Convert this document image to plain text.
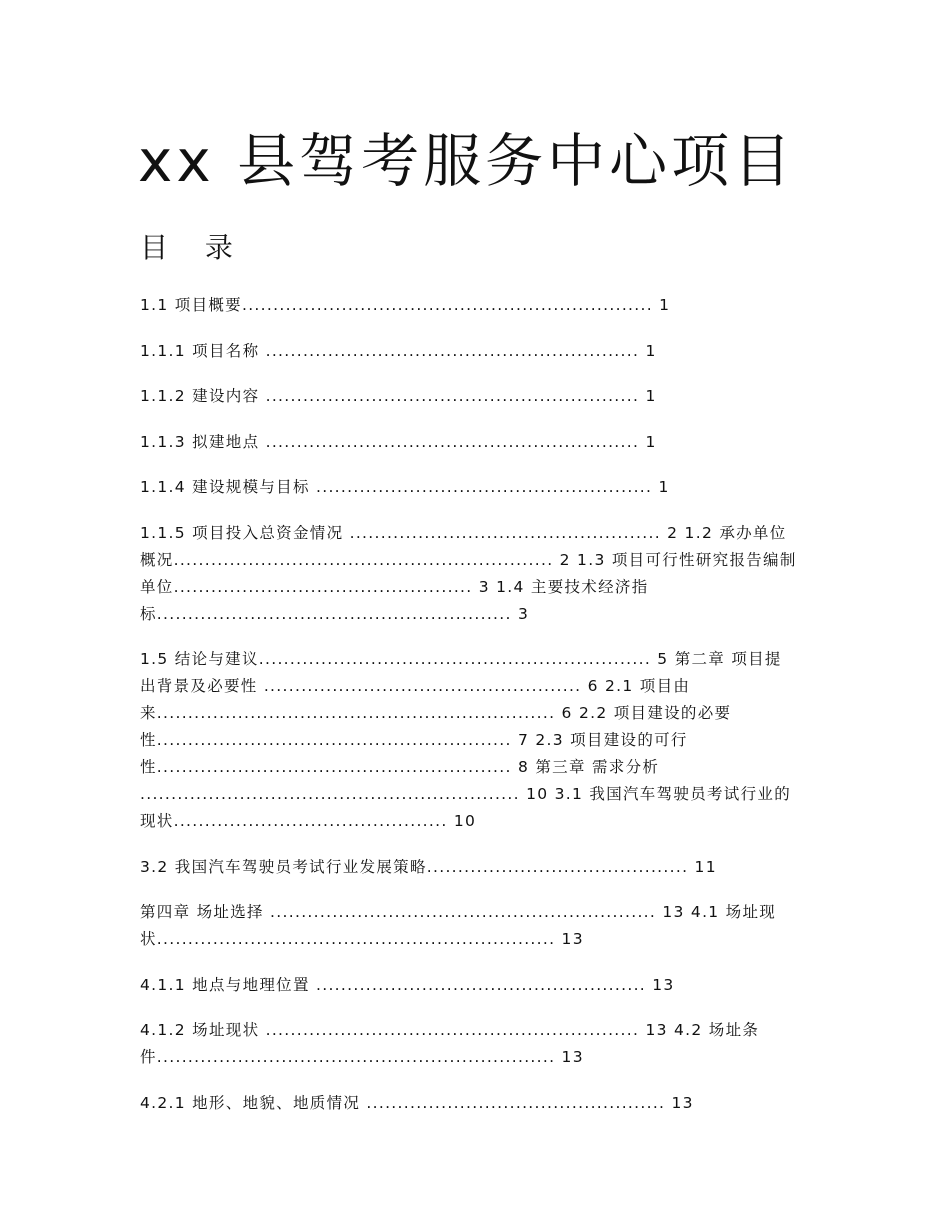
xx 县驾考服务中心项目
目 录
1.1 项目概要.................................................................. 1
1.1.1 项目名称 ............................................................ 1
1.1.2 建设内容 ............................................................ 1
1.1.3 拟建地点 ............................................................ 1
1.1.4 建设规模与目标 ...................................................... 1
1.1.5 项目投入总资金情况 .................................................. 2 1.2 承办单位
概况............................................................. 2 1.3 项目可行性研究报告编制
单位................................................ 3 1.4 主要技术经济指
标......................................................... 3
1.5 结论与建议............................................................... 5 第二章 项目提
出背景及必要性 ................................................... 6 2.1 项目由
来................................................................ 6 2.2 项目建设的必要
性......................................................... 7 2.3 项目建设的可行
性......................................................... 8 第三章 需求分析
............................................................. 10 3.1 我国汽车驾驶员考试行业的
现状............................................ 10
3.2 我国汽车驾驶员考试行业发展策略.......................................... 11
第四章 场址选择 .............................................................. 13 4.1 场址现
状................................................................ 13
4.1.1 地点与地理位置 ..................................................... 13
4.1.2 场址现状 ............................................................ 13 4.2 场址条
件................................................................ 13
4.2.1 地形、地貌、地质情况 ................................................ 13
